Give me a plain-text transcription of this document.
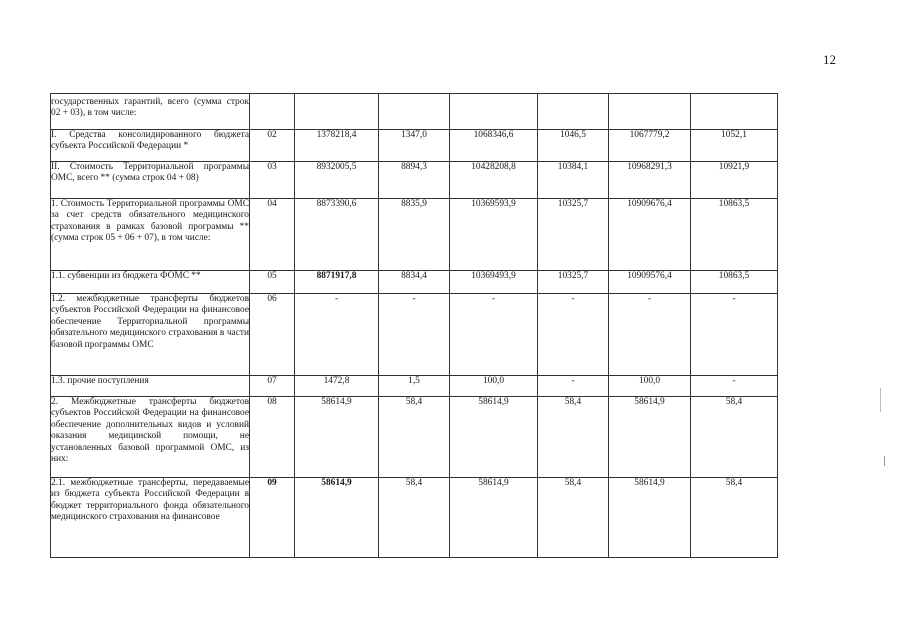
12
государственных гарантий, всего (сумма строк 02 + 03), в том числе:							
I. Средства консолидированного бюджета субъекта Российской Федерации *	02	1378218,4	1347,0	1068346,6	1046,5	1067779,2	1052,1
II. Стоимость Территориальной программы ОМС, всего ** (сумма строк 04 + 08)	03	8932005,5	8894,3	10428208,8	10384,1	10968291,3	10921,9
1. Стоимость Территориальной программы ОМС за счет средств обязательного медицинского страхования в рамках базовой программы ** (сумма строк 05 + 06 + 07), в том числе:	04	8873390,6	8835,9	10369593,9	10325,7	10909676,4	10863,5
1.1. субвенции из бюджета ФОМС **	05	8871917,8	8834,4	10369493,9	10325,7	10909576,4	10863,5
1.2. межбюджетные трансферты бюджетов субъектов Российской Федерации на финансовое обеспечение Территориальной программы обязательного медицинского страхования в части базовой программы ОМС	06	-	-	-	-	-	-
1.3. прочие поступления	07	1472,8	1,5	100,0	-	100,0	-
2. Межбюджетные трансферты бюджетов субъектов Российской Федерации на финансовое обеспечение дополнительных видов и условий оказания медицинской помощи, не установленных базовой программой ОМС, из них:	08	58614,9	58,4	58614,9	58,4	58614,9	58,4
2.1. межбюджетные трансферты, передаваемые из бюджета субъекта Российской Федерации в бюджет территориального фонда обязательного медицинского страхования на финансовое	09	58614,9	58,4	58614,9	58,4	58614,9	58,4
